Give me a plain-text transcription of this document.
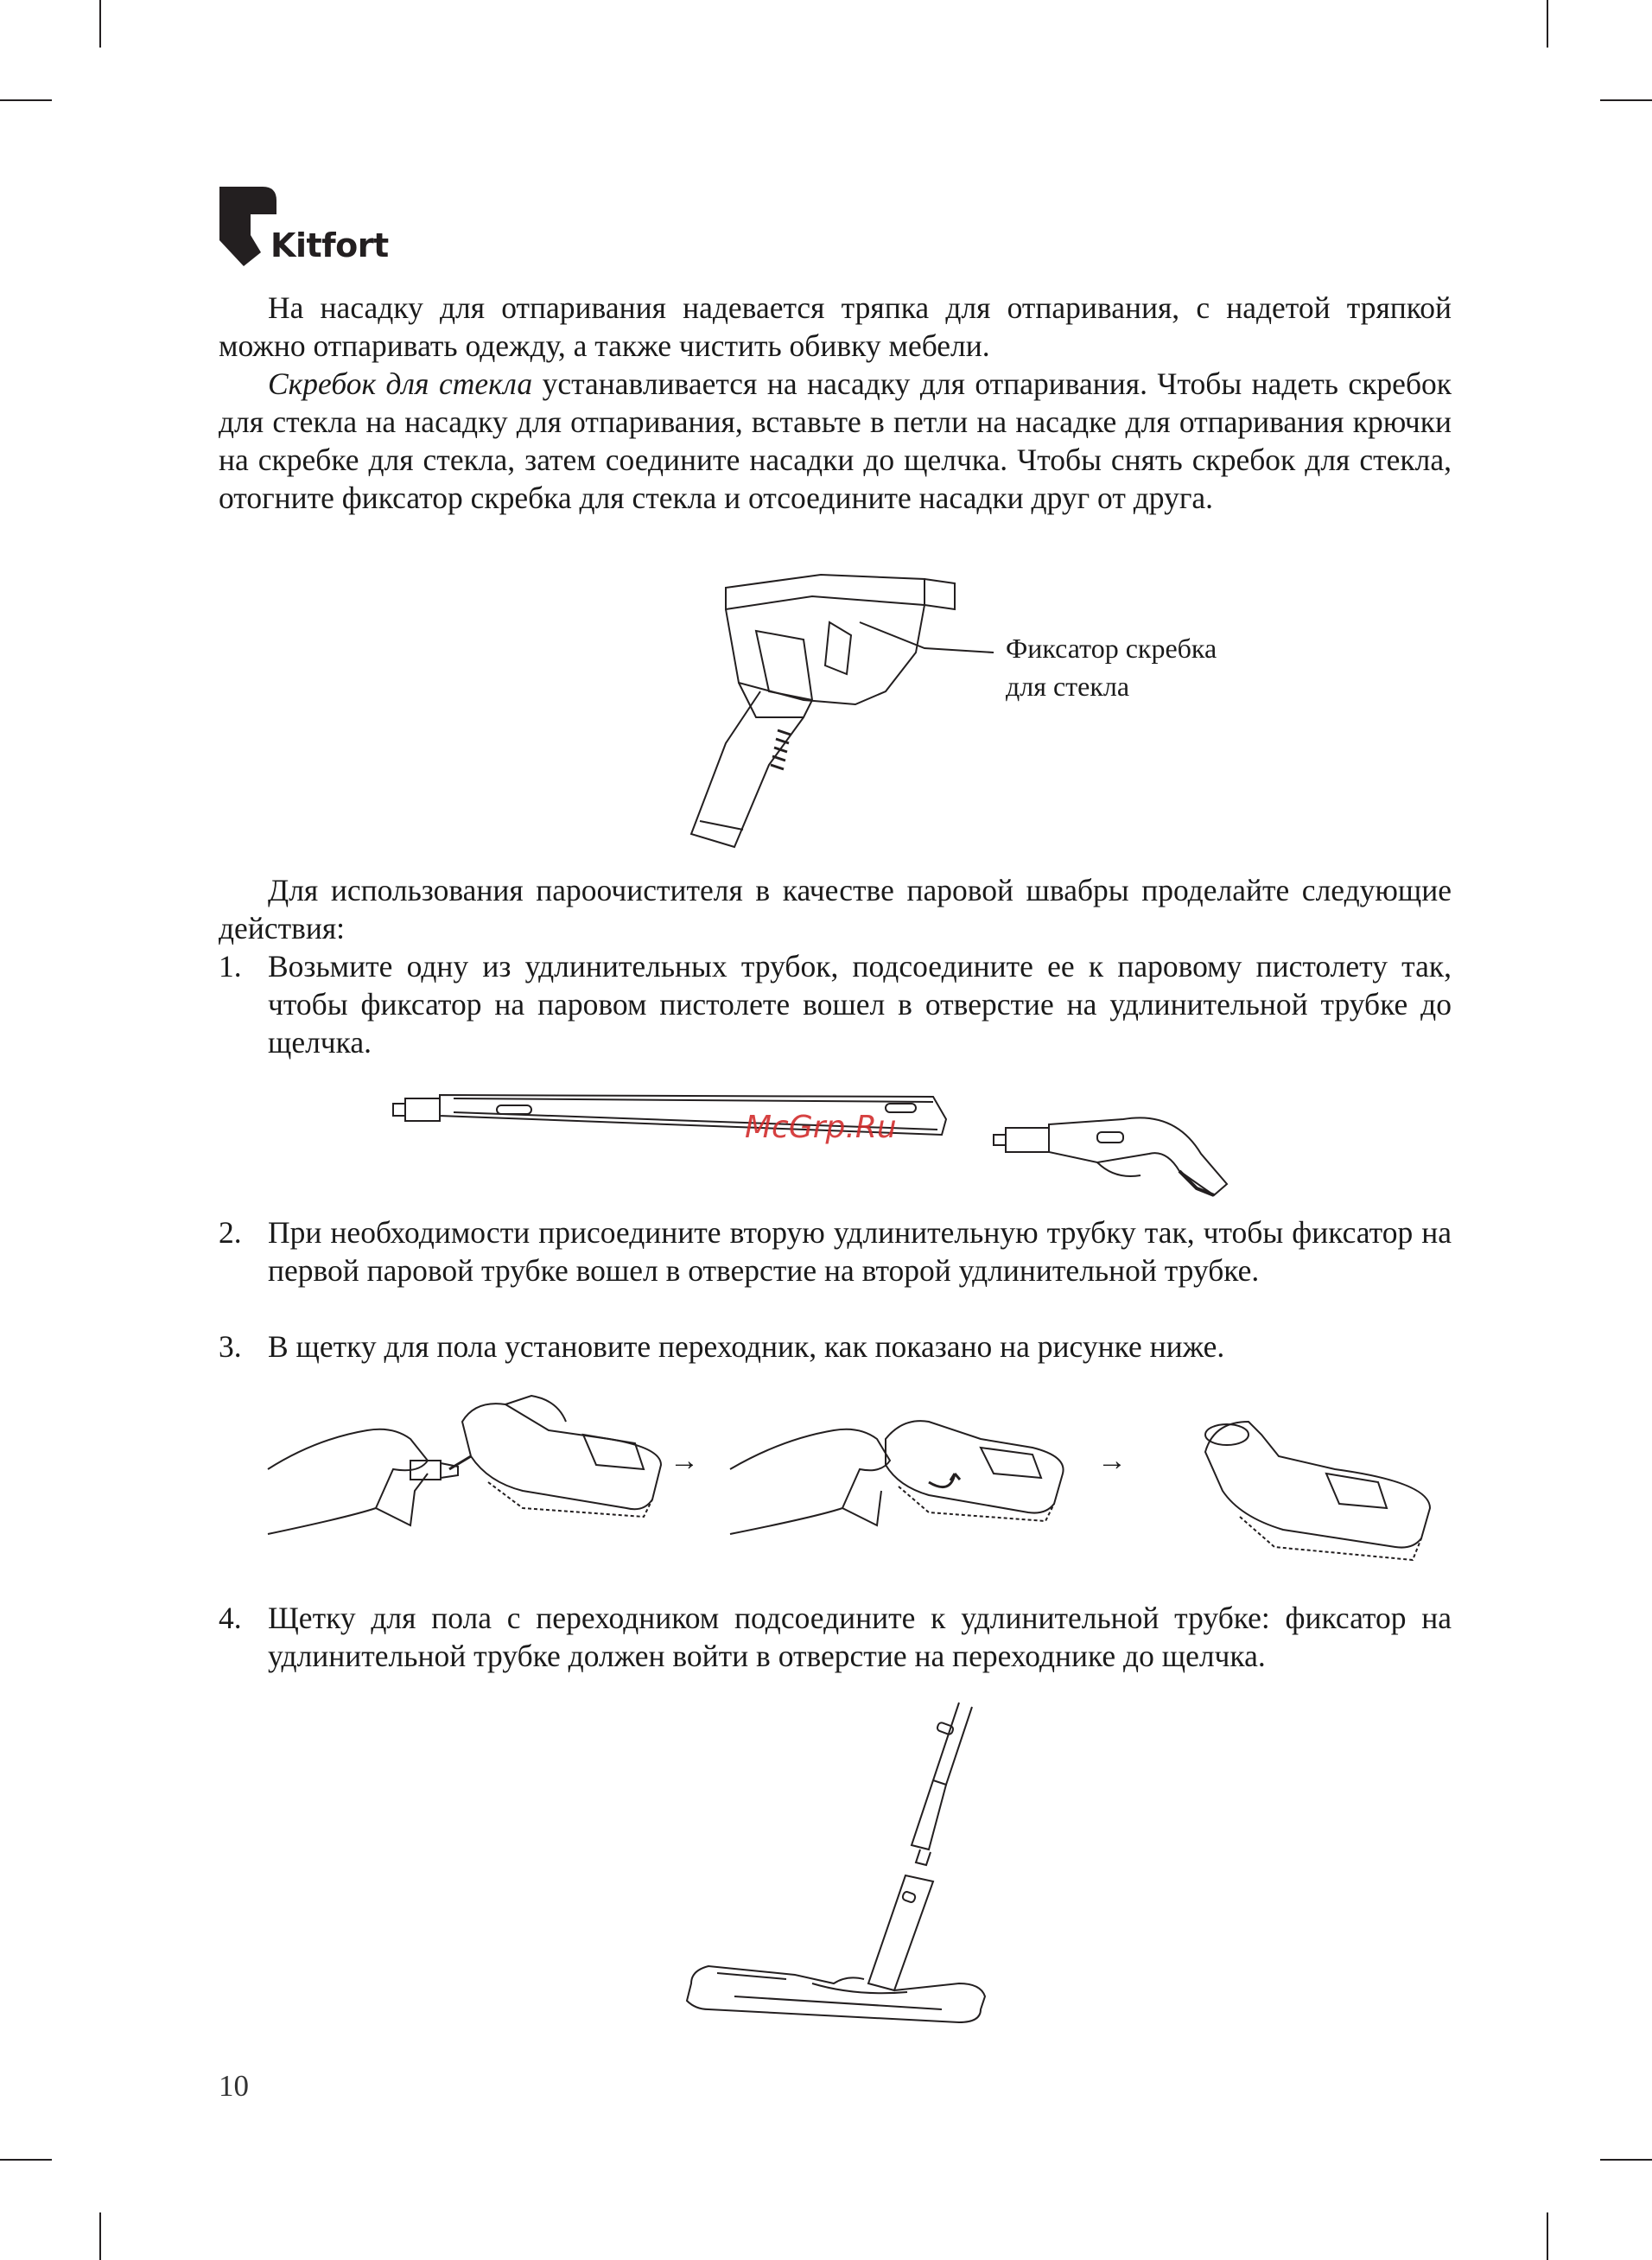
Kitfort

На насадку для отпаривания надевается тряпка для отпаривания, с надетой тряпкой можно отпаривать одежду, а также чистить обивку мебели.

Скребок для стекла устанавливается на насадку для отпаривания. Чтобы надеть скребок для стекла на насадку для отпаривания, вставьте в петли на насадке для отпаривания крючки на скребке для стекла, затем соедините насадки до щелчка. Чтобы снять скребок для стекла, отогните фиксатор скребка для стекла и отсоедините насадки друг от друга.

Фиксатор скребка
для стекла

Для использования пароочистителя в качестве паровой швабры проделайте следующие действия:

1. Возьмите одну из удлинительных трубок, подсоедините ее к паровому пистолету так, чтобы фиксатор на паровом пистолете вошел в отверстие на удлинительной трубке до щелчка.

McGrp.Ru
2. При необходимости присоедините вторую удлинительную трубку так, чтобы фиксатор на первой паровой трубке вошел в отверстие на второй удлинительной трубке.

3. В щетку для пола установите переходник, как показано на рисунке ниже.

→	→
4. Щетку для пола с переходником подсоедините к удлинительной трубке: фиксатор на удлинительной трубке должен войти в отверстие на переходнике до щелчка.

10
